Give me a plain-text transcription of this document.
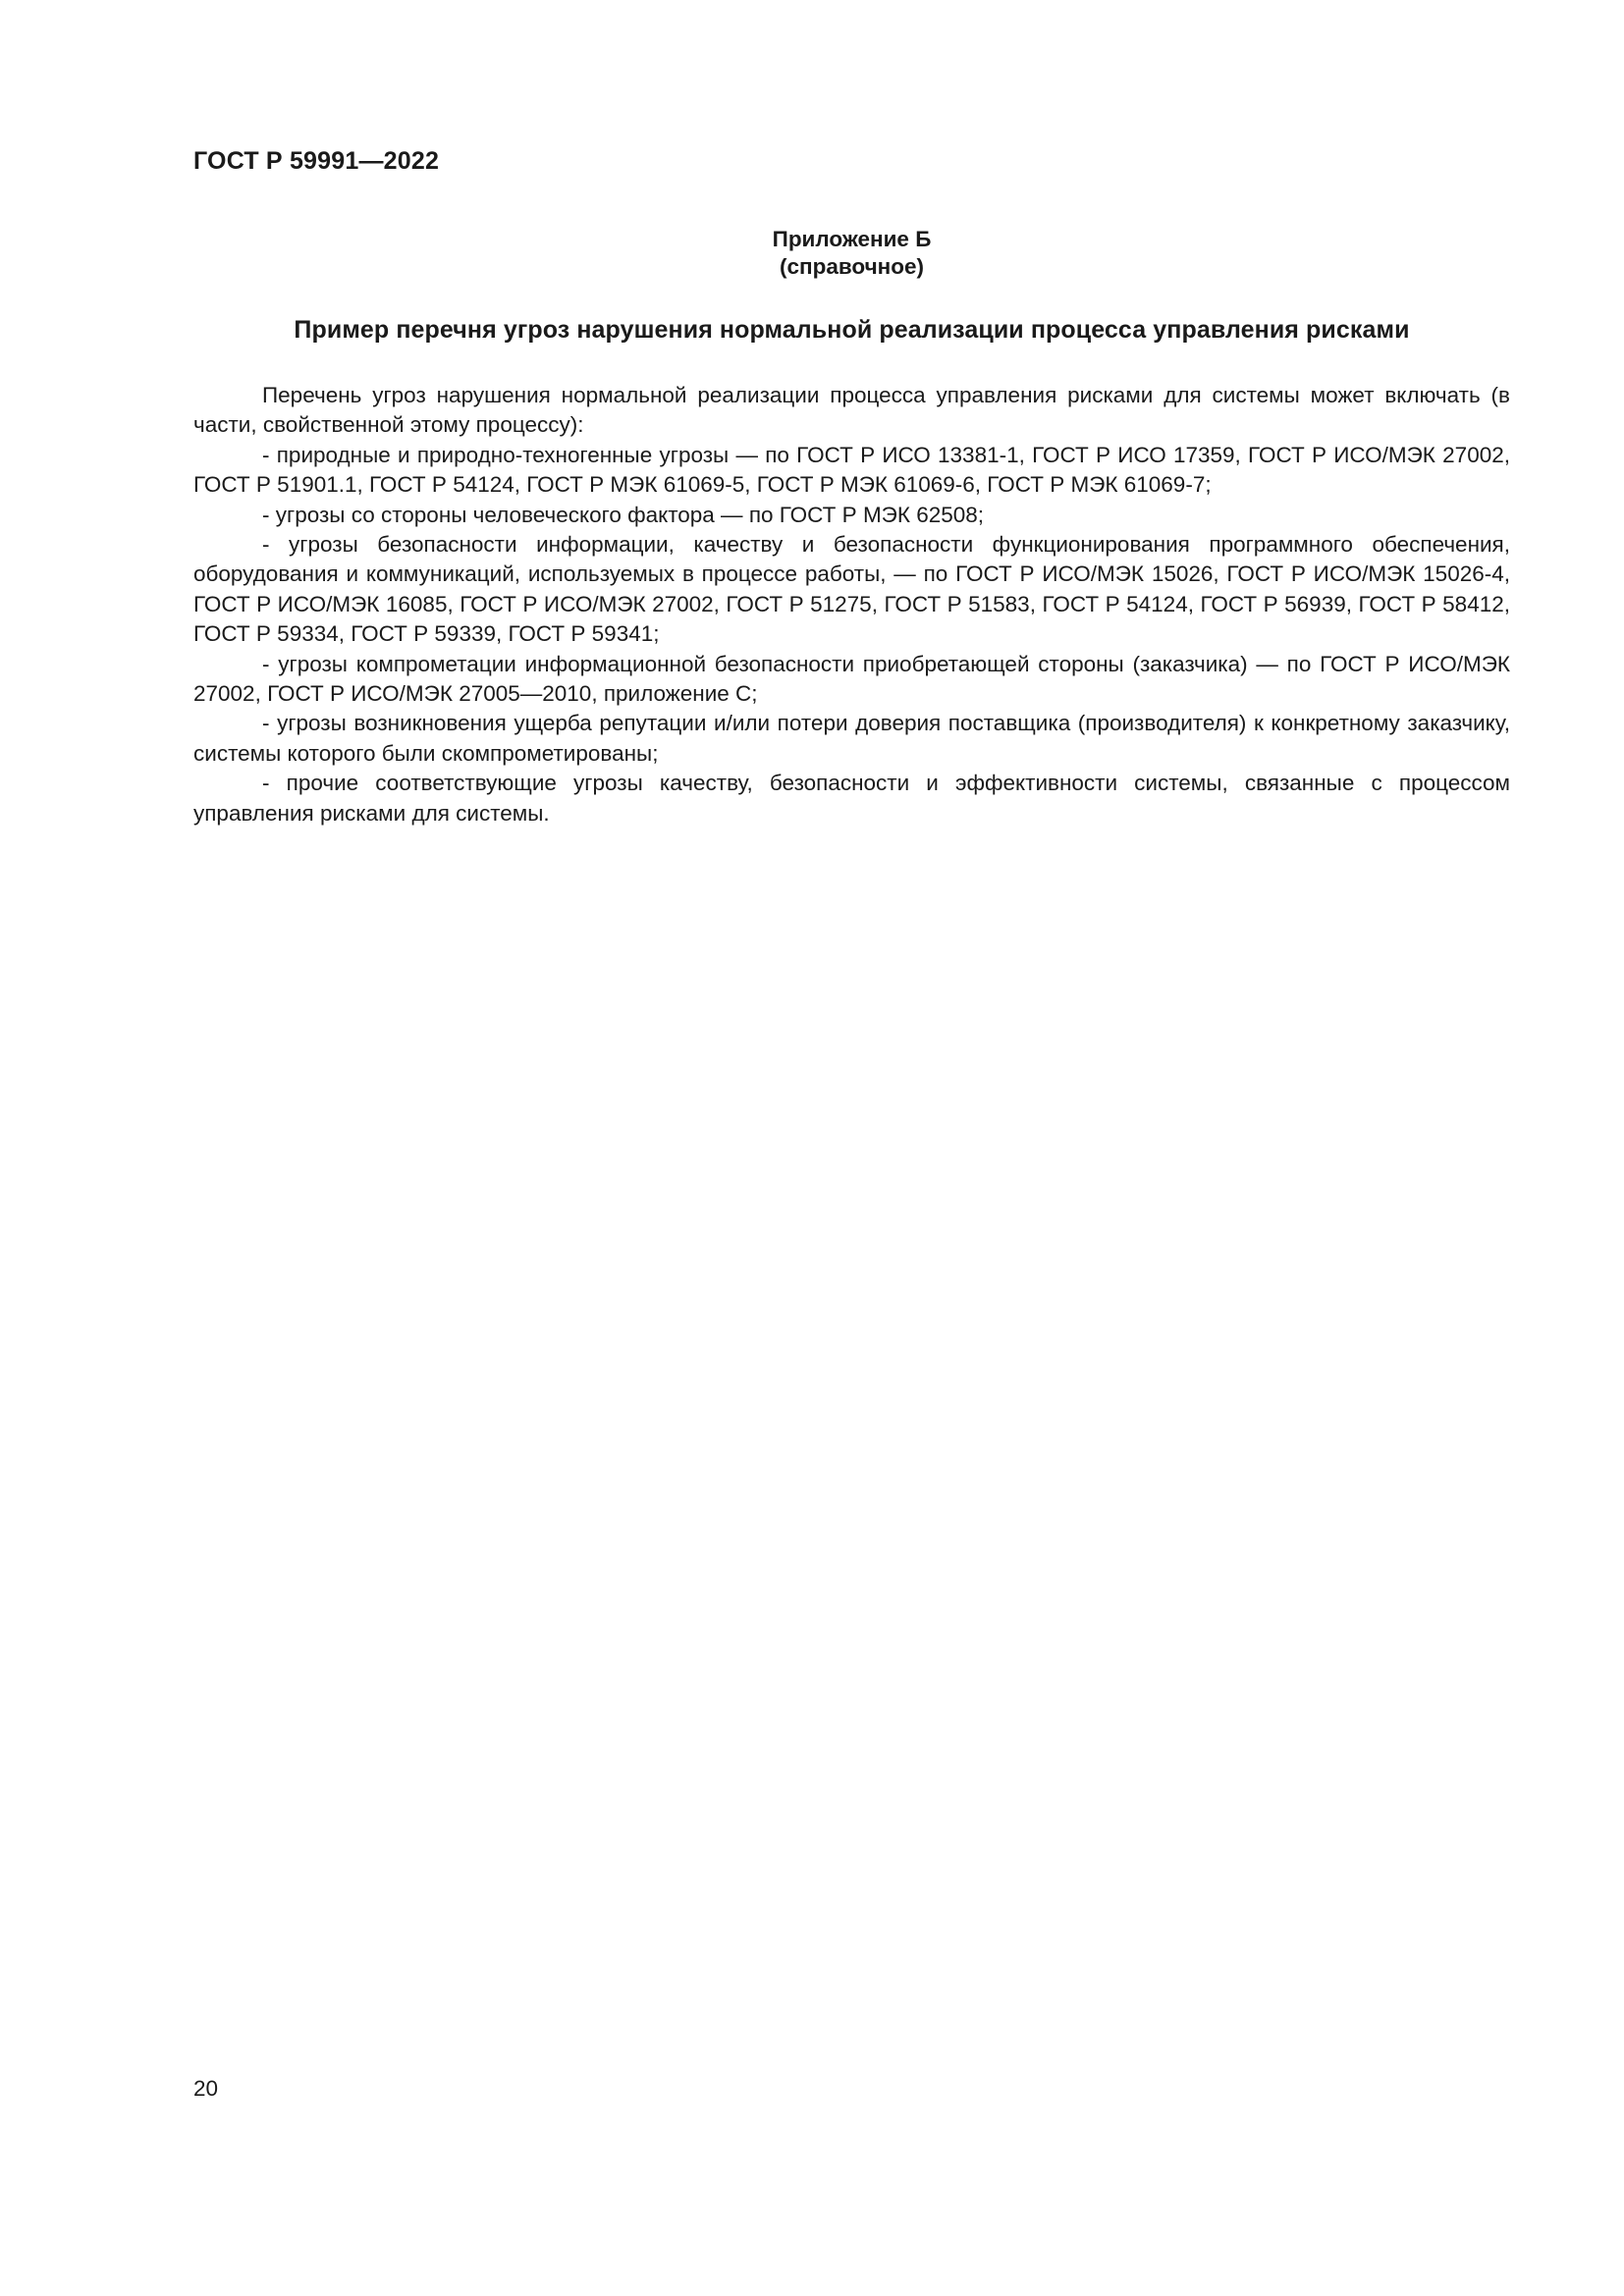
ГОСТ Р 59991—2022

Приложение Б

(справочное)

Пример перечня угроз нарушения нормальной реализации процесса управления рисками

Перечень угроз нарушения нормальной реализации процесса управления рисками для системы может включать (в части, свойственной этому процессу):

- природные и природно-техногенные угрозы — по ГОСТ Р ИСО 13381-1, ГОСТ Р ИСО 17359, ГОСТ Р ИСО/МЭК 27002, ГОСТ Р 51901.1, ГОСТ Р 54124, ГОСТ Р МЭК 61069-5, ГОСТ Р МЭК 61069-6, ГОСТ Р МЭК 61069-7;

- угрозы со стороны человеческого фактора — по ГОСТ Р МЭК 62508;

- угрозы безопасности информации, качеству и безопасности функционирования программного обеспечения, оборудования и коммуникаций, используемых в процессе работы, — по ГОСТ Р ИСО/МЭК 15026, ГОСТ Р ИСО/МЭК 15026-4, ГОСТ Р ИСО/МЭК 16085, ГОСТ Р ИСО/МЭК 27002, ГОСТ Р 51275, ГОСТ Р 51583, ГОСТ Р 54124, ГОСТ Р 56939, ГОСТ Р 58412, ГОСТ Р 59334, ГОСТ Р 59339, ГОСТ Р 59341;

- угрозы компрометации информационной безопасности приобретающей стороны (заказчика) — по ГОСТ Р ИСО/МЭК 27002, ГОСТ Р ИСО/МЭК 27005—2010, приложение С;

- угрозы возникновения ущерба репутации и/или потери доверия поставщика (производителя) к конкретному заказчику, системы которого были скомпрометированы;

- прочие соответствующие угрозы качеству, безопасности и эффективности системы, связанные с процессом управления рисками для системы.

20
